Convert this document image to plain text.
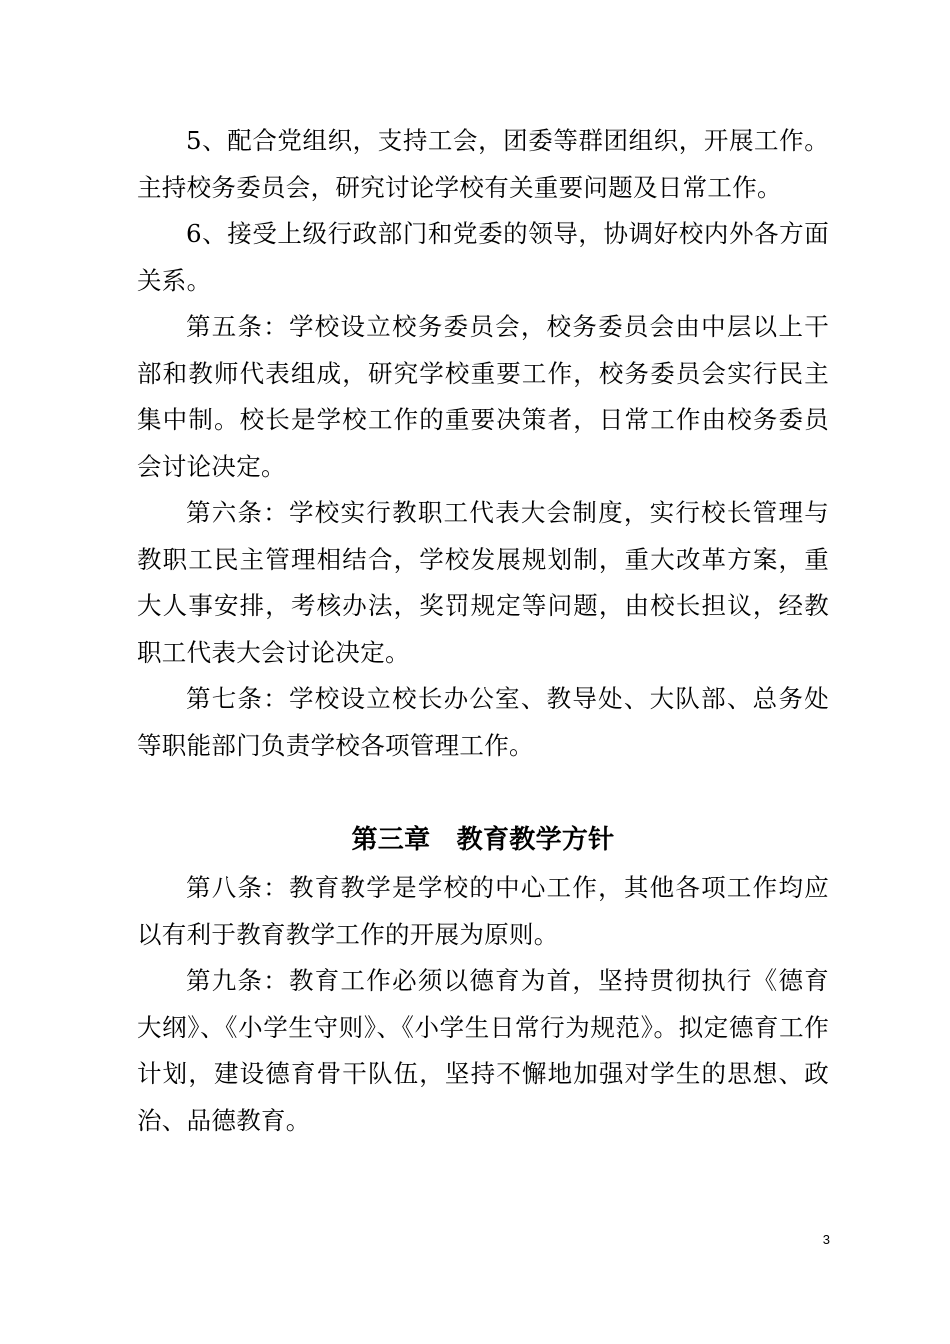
5、配合党组织，支持工会，团委等群团组织，开展工作。主持校务委员会，研究讨论学校有关重要问题及日常工作。

6、接受上级行政部门和党委的领导，协调好校内外各方面关系。

第五条：学校设立校务委员会，校务委员会由中层以上干部和教师代表组成，研究学校重要工作，校务委员会实行民主集中制。校长是学校工作的重要决策者，日常工作由校务委员会讨论决定。

第六条：学校实行教职工代表大会制度，实行校长管理与教职工民主管理相结合，学校发展规划制，重大改革方案，重大人事安排，考核办法，奖罚规定等问题，由校长担议，经教职工代表大会讨论决定。

第七条：学校设立校长办公室、教导处、大队部、总务处等职能部门负责学校各项管理工作。

第三章　教育教学方针

第八条：教育教学是学校的中心工作，其他各项工作均应以有利于教育教学工作的开展为原则。

第九条：教育工作必须以德育为首，坚持贯彻执行《德育大纲》、《小学生守则》、《小学生日常行为规范》。拟定德育工作计划，建设德育骨干队伍，坚持不懈地加强对学生的思想、政治、品德教育。

3
